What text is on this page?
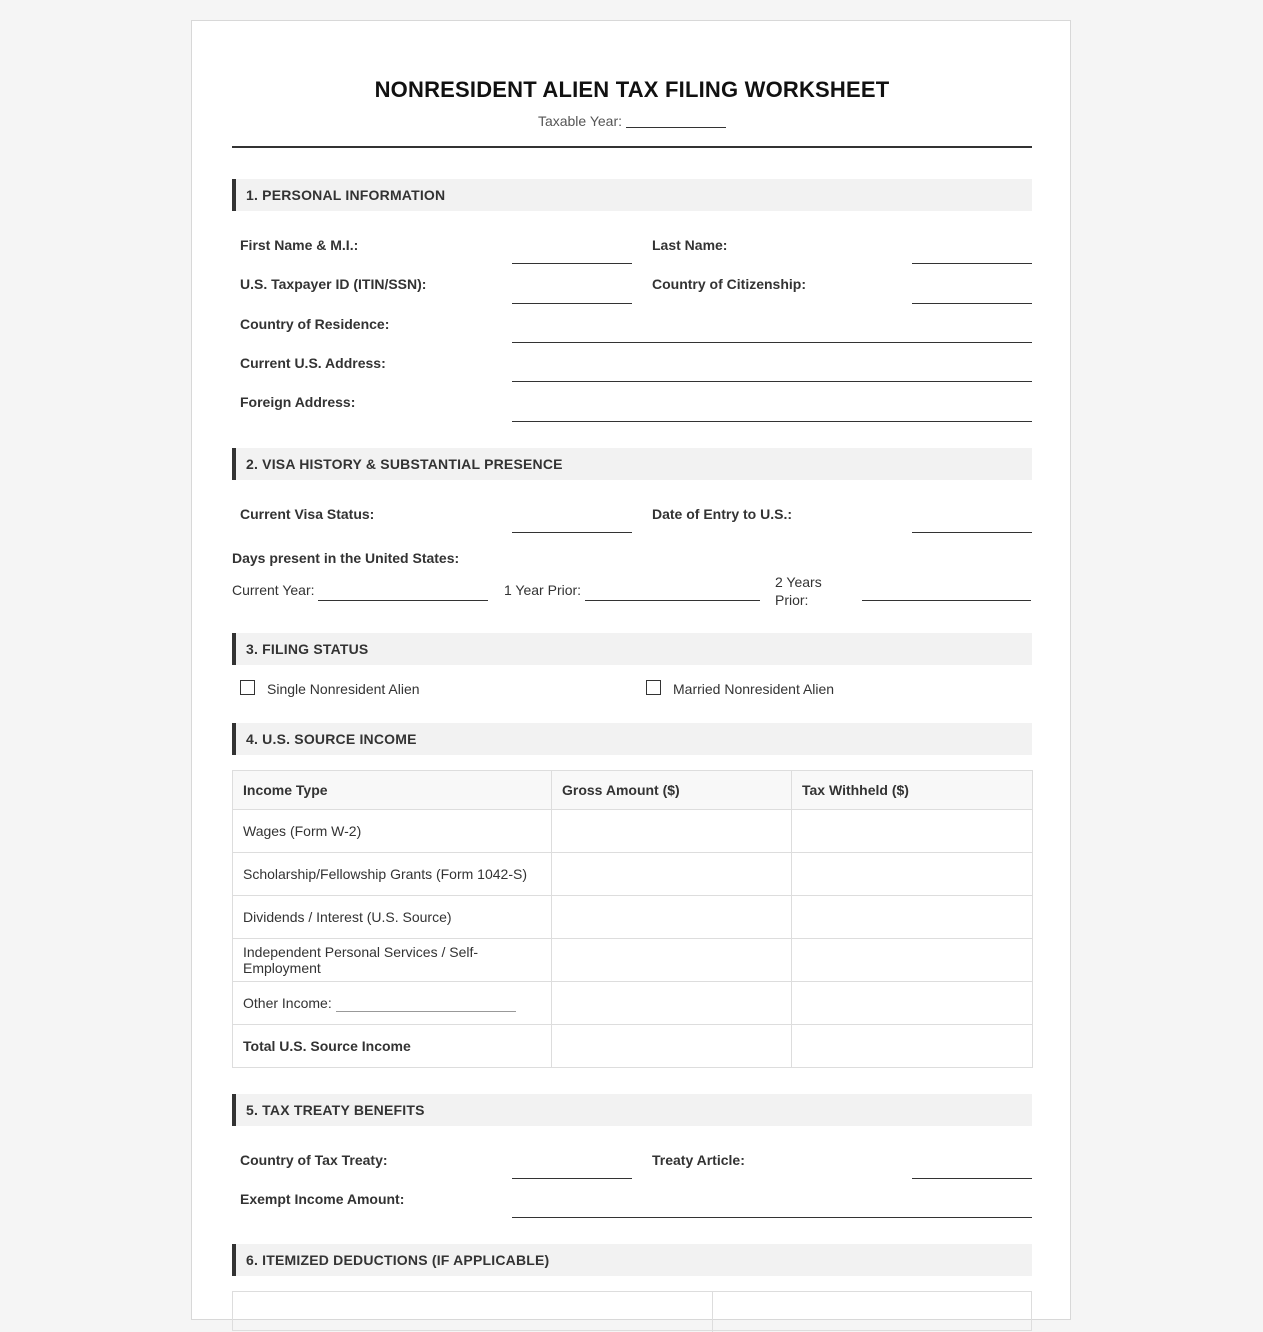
NONRESIDENT ALIEN TAX FILING WORKSHEET
Taxable Year:
1. PERSONAL INFORMATION
First Name & M.I.:	Last Name:
U.S. Taxpayer ID (ITIN/SSN):	Country of Citizenship:
Country of Residence:
Current U.S. Address:
Foreign Address:
2. VISA HISTORY & SUBSTANTIAL PRESENCE
Current Visa Status:	Date of Entry to U.S.:
Days present in the United States:
Current Year:	1 Year Prior:	2 Years
Prior:
3. FILING STATUS
Single Nonresident Alien	Married Nonresident Alien
4. U.S. SOURCE INCOME
Income Type	Gross Amount ($)	Tax Withheld ($)
Wages (Form W-2)		
Scholarship/Fellowship Grants (Form 1042-S)		
Dividends / Interest (U.S. Source)		
Independent Personal Services / Self-Employment		
Other Income:		
Total U.S. Source Income		
5. TAX TREATY BENEFITS
Country of Tax Treaty:	Treaty Article:
Exempt Income Amount:
6. ITEMIZED DEDUCTIONS (IF APPLICABLE)
